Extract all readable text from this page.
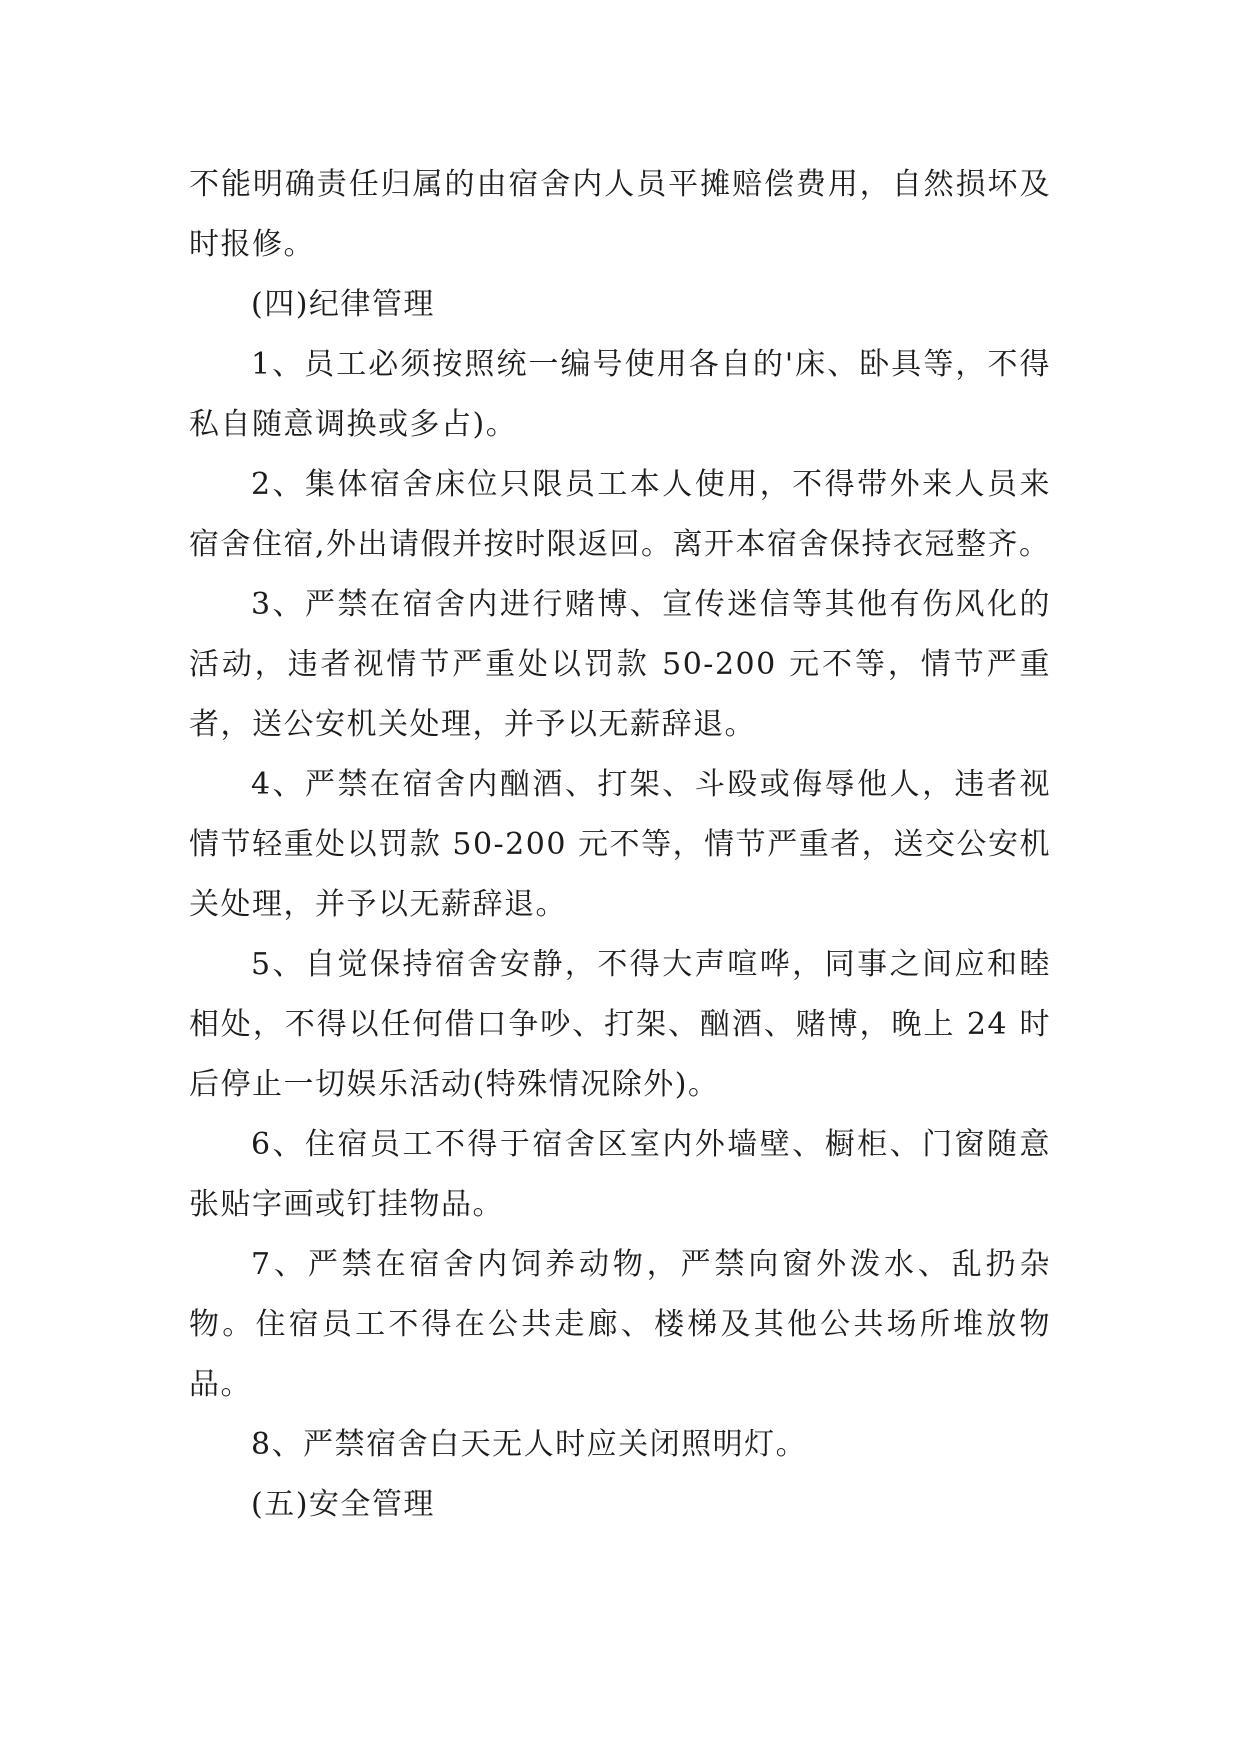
不能明确责任归属的由宿舍内人员平摊赔偿费用，自然损坏及时报修。

(四)纪律管理

1、员工必须按照统一编号使用各自的'床、卧具等，不得私自随意调换或多占)。

2、集体宿舍床位只限员工本人使用，不得带外来人员来宿舍住宿,外出请假并按时限返回。离开本宿舍保持衣冠整齐。

3、严禁在宿舍内进行赌博、宣传迷信等其他有伤风化的活动，违者视情节严重处以罚款 50-200 元不等，情节严重者，送公安机关处理，并予以无薪辞退。

4、严禁在宿舍内酗酒、打架、斗殴或侮辱他人，违者视情节轻重处以罚款 50-200 元不等，情节严重者，送交公安机关处理，并予以无薪辞退。

5、自觉保持宿舍安静，不得大声喧哗，同事之间应和睦相处，不得以任何借口争吵、打架、酗酒、赌博，晚上 24 时后停止一切娱乐活动(特殊情况除外)。

6、住宿员工不得于宿舍区室内外墙壁、橱柜、门窗随意张贴字画或钉挂物品。

7、严禁在宿舍内饲养动物，严禁向窗外泼水、乱扔杂物。住宿员工不得在公共走廊、楼梯及其他公共场所堆放物品。

8、严禁宿舍白天无人时应关闭照明灯。

(五)安全管理
